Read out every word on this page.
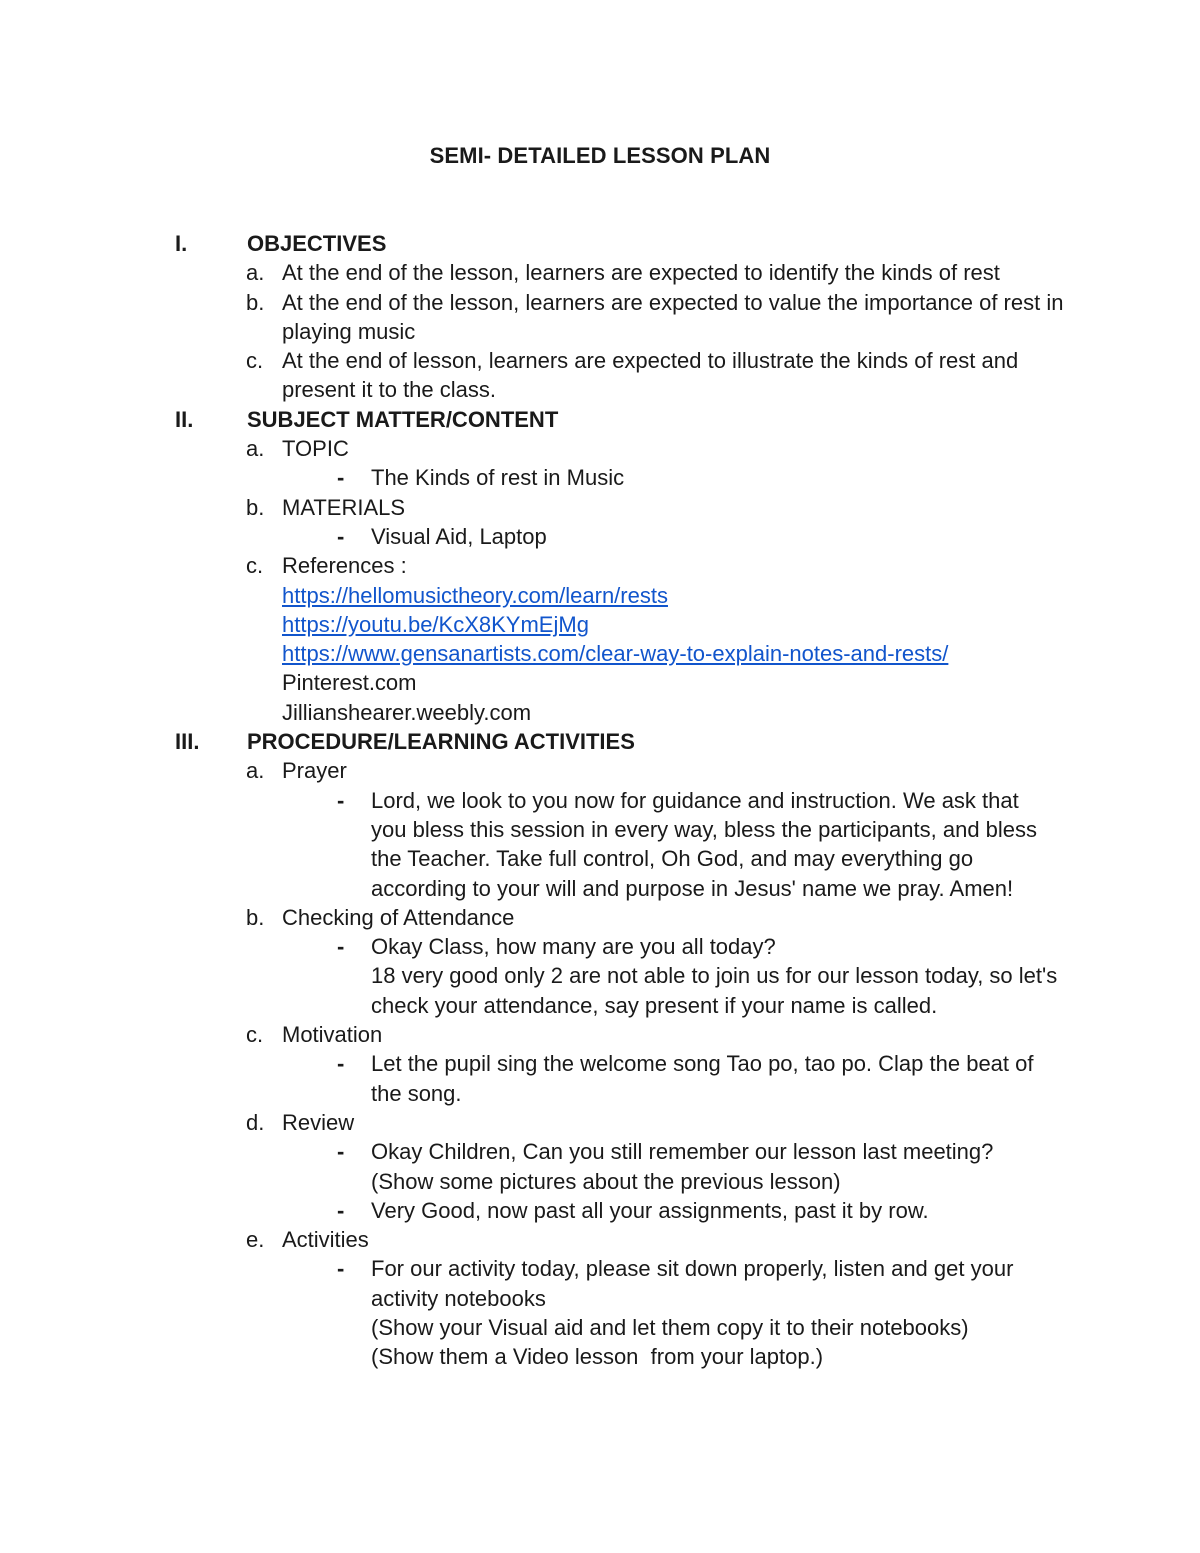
SEMI- DETAILED LESSON PLAN
I.	OBJECTIVES
a. At the end of the lesson, learners are expected to identify the kinds of rest
b. At the end of the lesson, learners are expected to value the importance of rest in playing music
c. At the end of lesson, learners are expected to illustrate the kinds of rest and present it to the class.
II. SUBJECT MATTER/CONTENT
a. TOPIC
- The Kinds of rest in Music
b. MATERIALS
- Visual Aid, Laptop
c. References :
https://hellomusictheory.com/learn/rests
https://youtu.be/KcX8KYmEjMg
https://www.gensanartists.com/clear-way-to-explain-notes-and-rests/
Pinterest.com
Jillianshearer.weebly.com
III. PROCEDURE/LEARNING ACTIVITIES
a. Prayer
- Lord, we look to you now for guidance and instruction. We ask that you bless this session in every way, bless the participants, and bless the Teacher. Take full control, Oh God, and may everything go according to your will and purpose in Jesus' name we pray. Amen!
b. Checking of Attendance
- Okay Class, how many are you all today?
18 very good only 2 are not able to join us for our lesson today, so let's check your attendance, say present if your name is called.
c. Motivation
- Let the pupil sing the welcome song Tao po, tao po. Clap the beat of the song.
d. Review
- Okay Children, Can you still remember our lesson last meeting?
(Show some pictures about the previous lesson)
- Very Good, now past all your assignments, past it by row.
e. Activities
- For our activity today, please sit down properly, listen and get your activity notebooks
(Show your Visual aid and let them copy it to their notebooks)
(Show them a Video lesson  from your laptop.)
